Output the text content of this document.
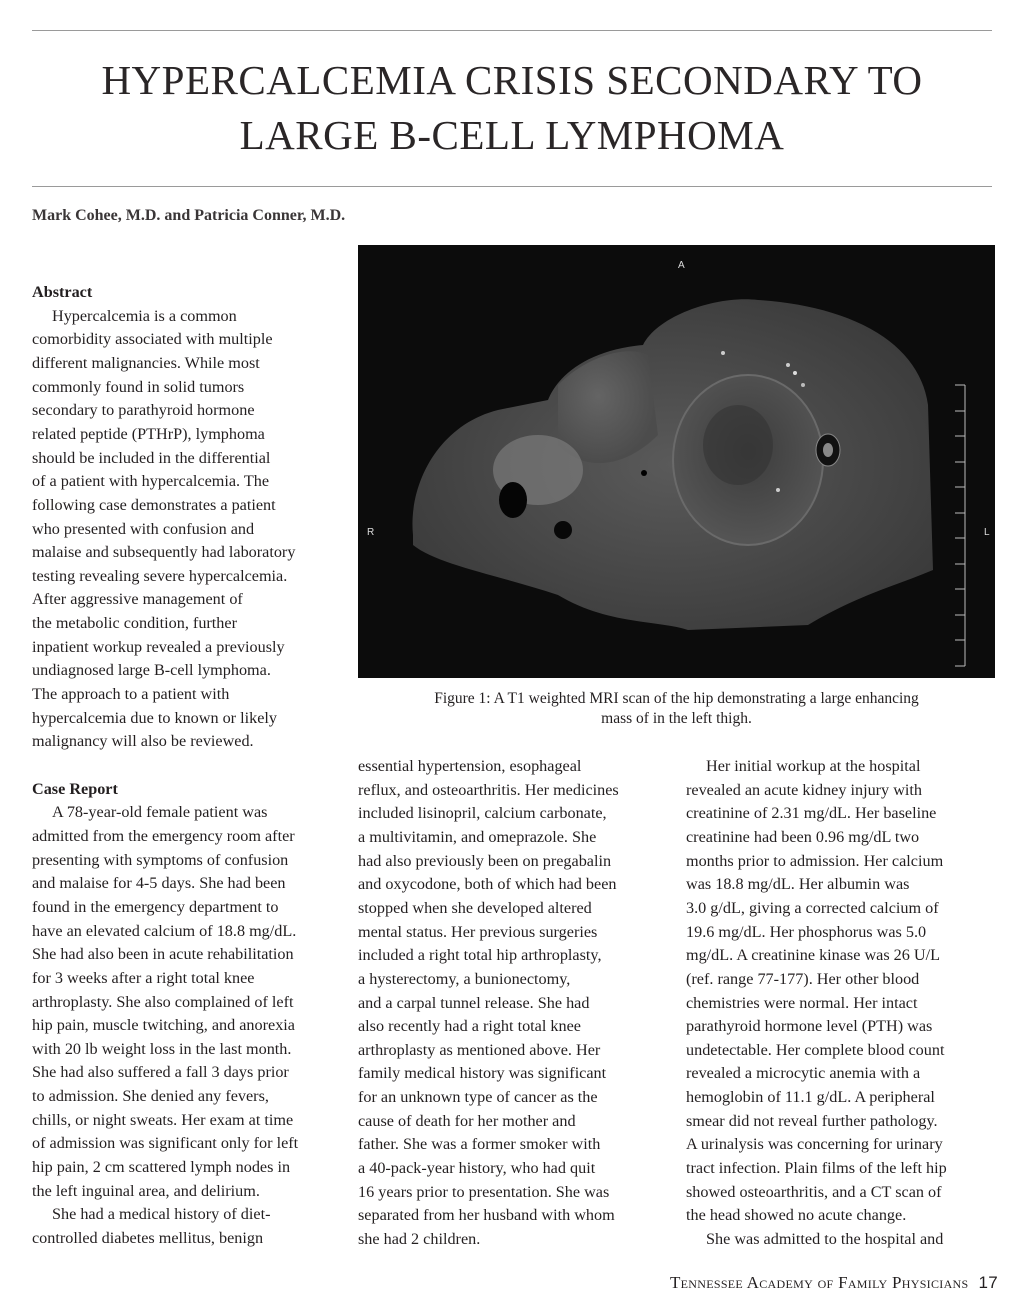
HYPERCALCEMIA CRISIS SECONDARY TO
LARGE B-CELL LYMPHOMA
Mark Cohee, M.D. and Patricia Conner, M.D.
A
R	L
Figure 1: A T1 weighted MRI scan of the hip demonstrating a large enhancing
mass of in the left thigh.
Abstract
Hypercalcemia is a common
comorbidity associated with multiple
different malignancies. While most
commonly found in solid tumors
secondary to parathyroid hormone
related peptide (PTHrP), lymphoma
should be included in the differential
of a patient with hypercalcemia. The
following case demonstrates a patient
who presented with confusion and
malaise and subsequently had laboratory
testing revealing severe hypercalcemia.
After aggressive management of
the metabolic condition, further
inpatient workup revealed a previously
undiagnosed large B-cell lymphoma.
The approach to a patient with
hypercalcemia due to known or likely
malignancy will also be reviewed.
Case Report
A 78-year-old female patient was
admitted from the emergency room after
presenting with symptoms of confusion
and malaise for 4-5 days. She had been
found in the emergency department to
have an elevated calcium of 18.8 mg/dL.
She had also been in acute rehabilitation
for 3 weeks after a right total knee
arthroplasty. She also complained of left
hip pain, muscle twitching, and anorexia
with 20 lb weight loss in the last month.
She had also suffered a fall 3 days prior
to admission. She denied any fevers,
chills, or night sweats. Her exam at time
of admission was significant only for left
hip pain, 2 cm scattered lymph nodes in
the left inguinal area, and delirium.
She had a medical history of diet-
controlled diabetes mellitus, benign
essential hypertension, esophageal
reflux, and osteoarthritis. Her medicines
included lisinopril, calcium carbonate,
a multivitamin, and omeprazole. She
had also previously been on pregabalin
and oxycodone, both of which had been
stopped when she developed altered
mental status. Her previous surgeries
included a right total hip arthroplasty,
a hysterectomy, a bunionectomy,
and a carpal tunnel release. She had
also recently had a right total knee
arthroplasty as mentioned above. Her
family medical history was significant
for an unknown type of cancer as the
cause of death for her mother and
father. She was a former smoker with
a 40-pack-year history, who had quit
16 years prior to presentation. She was
separated from her husband with whom
she had 2 children.
Her initial workup at the hospital
revealed an acute kidney injury with
creatinine of 2.31 mg/dL. Her baseline
creatinine had been 0.96 mg/dL two
months prior to admission. Her calcium
was 18.8 mg/dL. Her albumin was
3.0 g/dL, giving a corrected calcium of
19.6 mg/dL. Her phosphorus was 5.0
mg/dL. A creatinine kinase was 26 U/L
(ref. range 77-177). Her other blood
chemistries were normal. Her intact
parathyroid hormone level (PTH) was
undetectable. Her complete blood count
revealed a microcytic anemia with a
hemoglobin of 11.1 g/dL. A peripheral
smear did not reveal further pathology.
A urinalysis was concerning for urinary
tract infection. Plain films of the left hip
showed osteoarthritis, and a CT scan of
the head showed no acute change.
She was admitted to the hospital and
Tennessee Academy of Family Physicians 17
